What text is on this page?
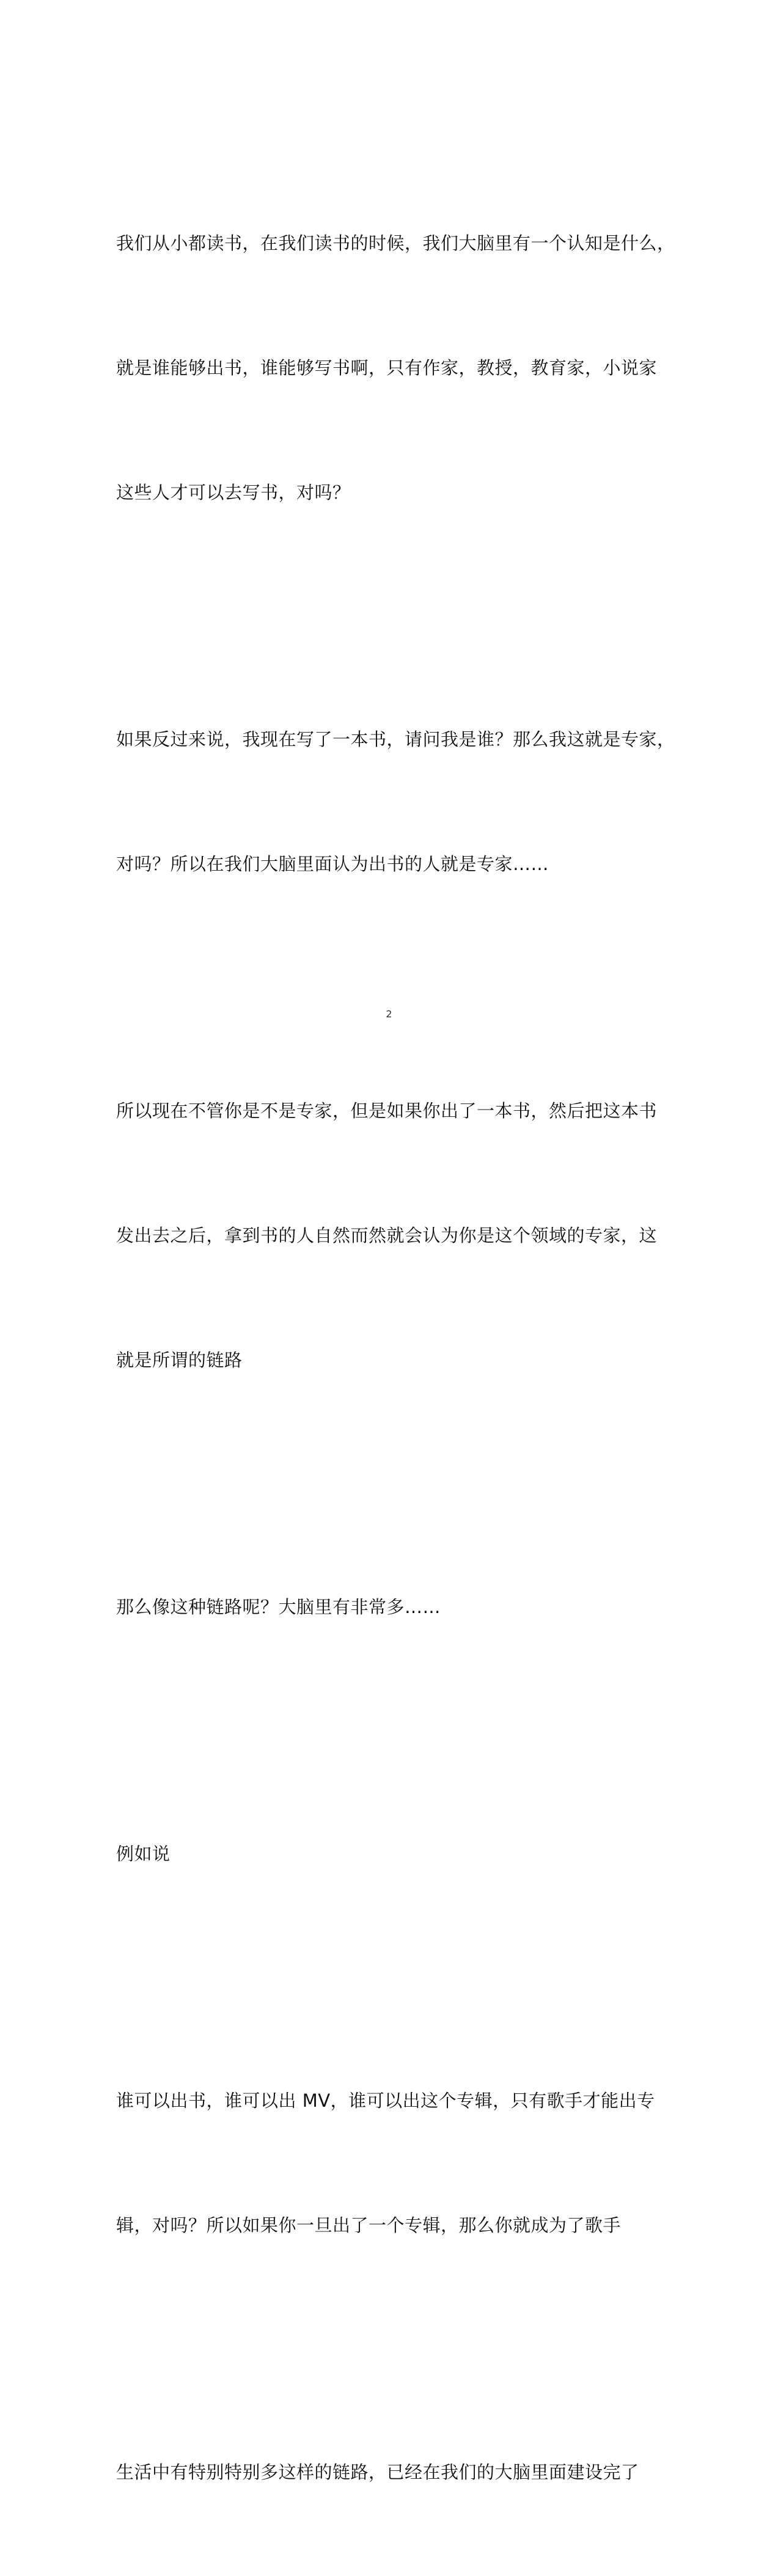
我们从小都读书，在我们读书的时候，我们大脑里有一个认知是什么，

就是谁能够出书，谁能够写书啊，只有作家，教授，教育家，小说家

这些人才可以去写书，对吗？

如果反过来说，我现在写了一本书，请问我是谁？那么我这就是专家，

对吗？所以在我们大脑里面认为出书的人就是专家……

所以现在不管你是不是专家，但是如果你出了一本书，然后把这本书

发出去之后，拿到书的人自然而然就会认为你是这个领域的专家，这

就是所谓的链路

那么像这种链路呢？大脑里有非常多……

例如说

谁可以出书，谁可以出 MV，谁可以出这个专辑，只有歌手才能出专

辑，对吗？所以如果你一旦出了一个专辑，那么你就成为了歌手

生活中有特别特别多这样的链路，已经在我们的大脑里面建设完了

2
